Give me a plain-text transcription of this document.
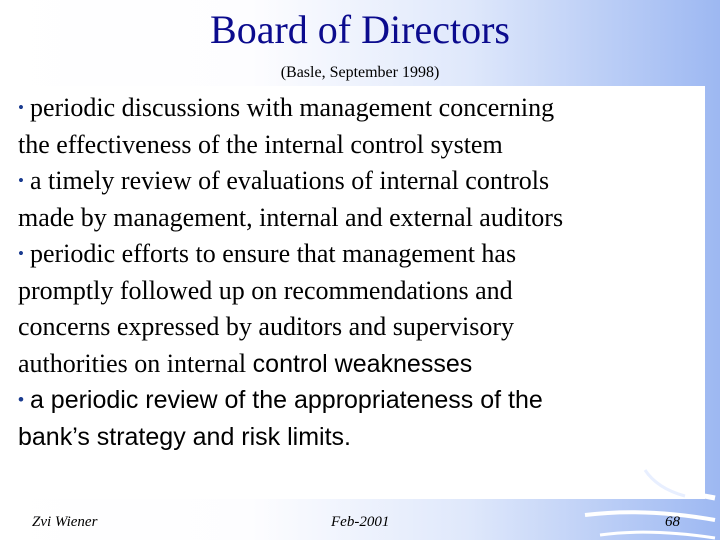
Board of Directors
(Basle, September 1998)
• periodic discussions with management concerning
the effectiveness of the internal control system
• a timely review of evaluations of internal controls
made by management, internal and external auditors
• periodic efforts to ensure that management has
promptly followed up on recommendations and
concerns expressed by auditors and supervisory
authorities on internal control weaknesses
• a periodic review of the appropriateness of the
bank’s strategy and risk limits.
Zvi Wiener	Feb-2001	68
